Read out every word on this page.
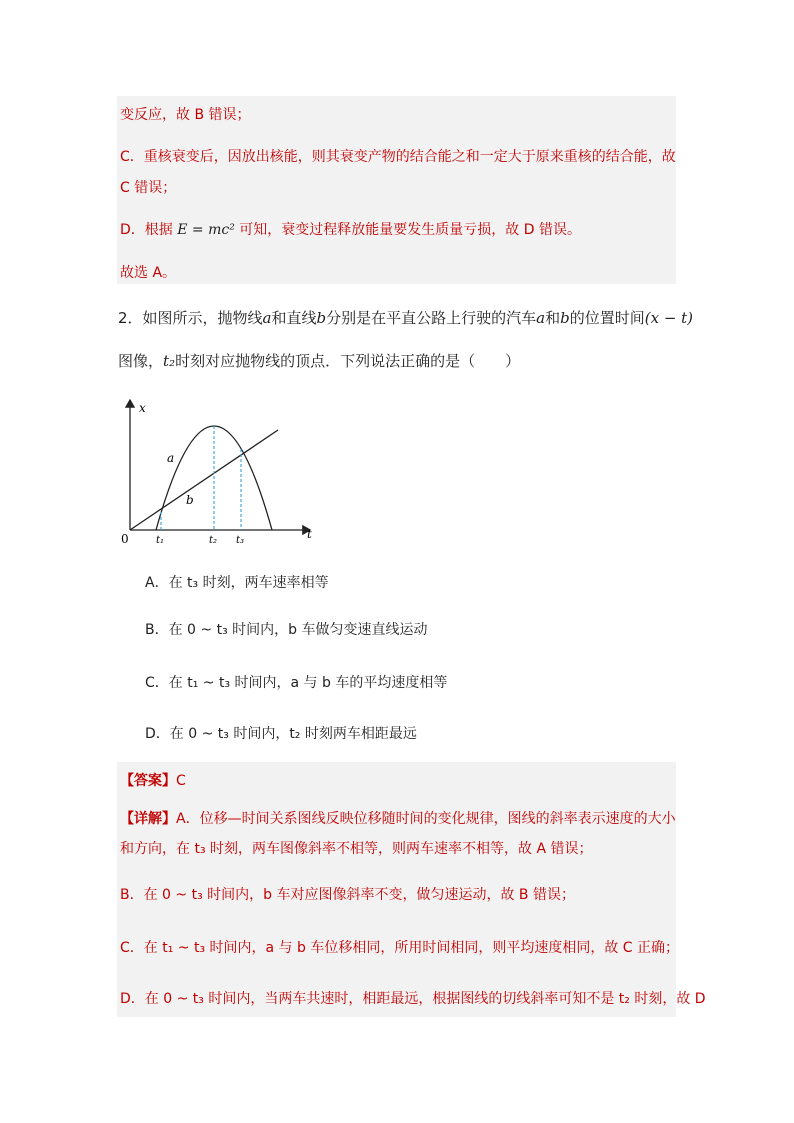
变反应，故 B 错误；
C．重核衰变后，因放出核能，则其衰变产物的结合能之和一定大于原来重核的结合能，故
C 错误；
D．根据 E = mc² 可知，衰变过程释放能量要发生质量亏损，故 D 错误。
故选 A。
2．如图所示，抛物线a和直线b分别是在平直公路上行驶的汽车a和b的位置时间(x − t)
图像，t₂时刻对应抛物线的顶点．下列说法正确的是（　　）
x
t
0
a
b
t₁	t₂ t₃
A．在 t₃ 时刻，两车速率相等
B．在 0 ~ t₃ 时间内，b 车做匀变速直线运动
C．在 t₁ ~ t₃ 时间内，a 与 b 车的平均速度相等
D．在 0 ~ t₃ 时间内，t₂ 时刻两车相距最远
【答案】C
【详解】A．位移—时间关系图线反映位移随时间的变化规律，图线的斜率表示速度的大小
和方向，在 t₃ 时刻，两车图像斜率不相等，则两车速率不相等，故 A 错误；
B．在 0 ~ t₃ 时间内，b 车对应图像斜率不变，做匀速运动，故 B 错误；
C．在 t₁ ~ t₃ 时间内，a 与 b 车位移相同，所用时间相同，则平均速度相同，故 C 正确；
D．在 0 ~ t₃ 时间内，当两车共速时，相距最远，根据图线的切线斜率可知不是 t₂ 时刻，故 D
